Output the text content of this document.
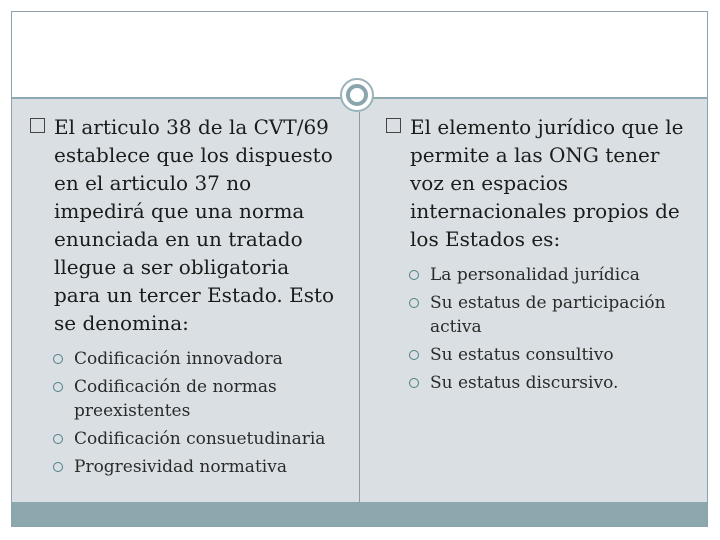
El articulo 38 de la CVT/69 establece que los dispuesto en el articulo 37 no impedirá que una norma enunciada en un tratado llegue a ser obligatoria para un tercer Estado. Esto se denomina:

Codificación innovadora
Codificación de normas preexistentes
Codificación consuetudinaria
Progresividad normativa

El elemento jurídico que le permite a las ONG tener voz en espacios internacionales propios de los Estados es:

La personalidad jurídica
Su estatus de participación activa
Su estatus consultivo
Su estatus discursivo.
